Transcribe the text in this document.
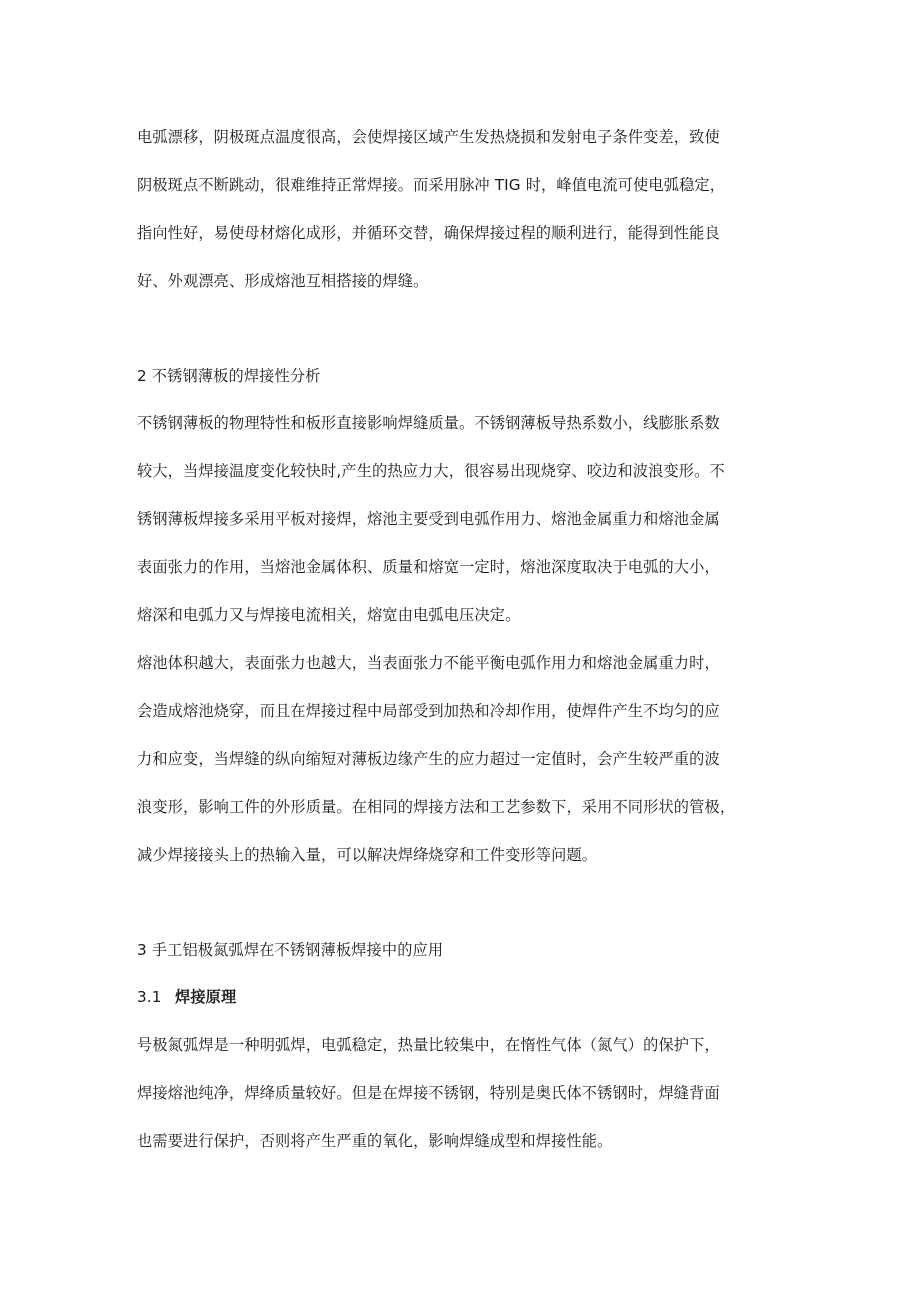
电弧漂移，阴极斑点温度很高，会使焊接区域产生发热烧损和发射电子条件变差，致使
阴极斑点不断跳动，很难维持正常焊接。而采用脉冲 TIG 时，峰值电流可使电弧稳定，
指向性好，易使母材熔化成形，并循环交替，确保焊接过程的顺利进行，能得到性能良
好、外观漂亮、形成熔池互相搭接的焊缝。
2 不锈钢薄板的焊接性分析
不锈钢薄板的物理特性和板形直接影响焊缝质量。不锈钢薄板导热系数小，线膨胀系数
较大，当焊接温度变化较快时,产生的热应力大，很容易出现烧穿、咬边和波浪变形。不
锈钢薄板焊接多采用平板对接焊，熔池主要受到电弧作用力、熔池金属重力和熔池金属
表面张力的作用，当熔池金属体积、质量和熔宽一定时，熔池深度取决于电弧的大小，
熔深和电弧力又与焊接电流相关，熔宽由电弧电压决定。
熔池体积越大，表面张力也越大，当表面张力不能平衡电弧作用力和熔池金属重力时，
会造成熔池烧穿，而且在焊接过程中局部受到加热和冷却作用，使焊件产生不均匀的应
力和应变，当焊缝的纵向缩短对薄板边缘产生的应力超过一定值时，会产生较严重的波
浪变形，影响工件的外形质量。在相同的焊接方法和工艺参数下，采用不同形状的管极，
减少焊接接头上的热输入量，可以解决焊绛烧穿和工件变形等问题。
3 手工铝极氮弧焊在不锈钢薄板焊接中的应用
3.1 焊接原理
号极氮弧焊是一种明弧焊，电弧稳定，热量比较集中，在惰性气体（氮气）的保护下，
焊接熔池纯净，焊绛质量较好。但是在焊接不锈钢，特别是奥氏体不锈钢时，焊缝背面
也需要进行保护，否则将产生严重的氧化，影响焊缝成型和焊接性能。
